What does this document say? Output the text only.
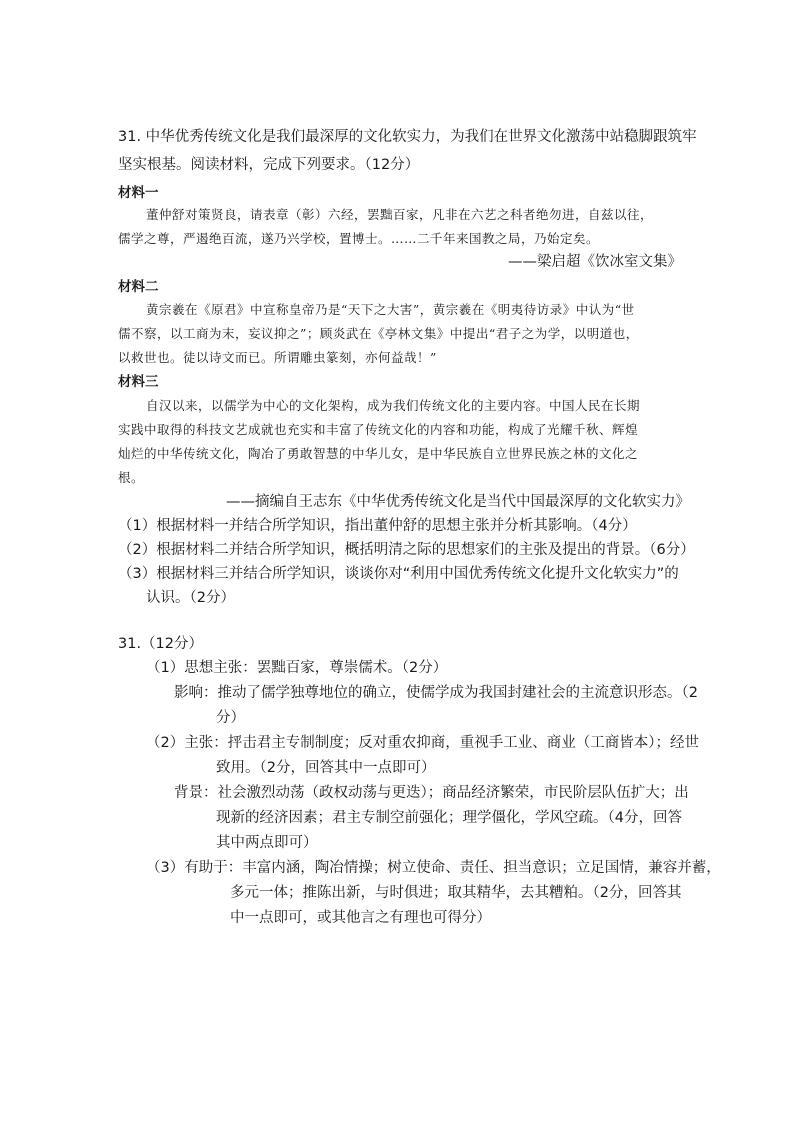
31. 中华优秀传统文化是我们最深厚的文化软实力，为我们在世界文化激荡中站稳脚跟筑牢
坚实根基。阅读材料，完成下列要求。（12分）
材料一
董仲舒对策贤良，请表章（彰）六经，罢黜百家，凡非在六艺之科者绝勿进，自兹以往，
儒学之尊，严遏绝百流，遂乃兴学校，置博士。……二千年来国教之局，乃始定矣。
——梁启超《饮冰室文集》
材料二
黄宗羲在《原君》中宣称皇帝乃是“天下之大害”，黄宗羲在《明夷待访录》中认为“世
儒不察，以工商为末，妄议抑之”；顾炎武在《亭林文集》中提出“君子之为学，以明道也，
以救世也。徒以诗文而已。所谓雕虫篆刻，亦何益哉！”
材料三
自汉以来，以儒学为中心的文化架构，成为我们传统文化的主要内容。中国人民在长期
实践中取得的科技文艺成就也充实和丰富了传统文化的内容和功能，构成了光耀千秋、辉煌
灿烂的中华传统文化，陶冶了勇敢智慧的中华儿女，是中华民族自立世界民族之林的文化之
根。
——摘编自王志东《中华优秀传统文化是当代中国最深厚的文化软实力》
（1）根据材料一并结合所学知识，指出董仲舒的思想主张并分析其影响。（4分）
（2）根据材料二并结合所学知识，概括明清之际的思想家们的主张及提出的背景。（6分）
（3）根据材料三并结合所学知识，谈谈你对“利用中国优秀传统文化提升文化软实力”的
认识。（2分）
31.（12分）
（1）思想主张：罢黜百家，尊崇儒术。（2分）
影响：推动了儒学独尊地位的确立，使儒学成为我国封建社会的主流意识形态。（2
分）
（2）主张：抨击君主专制制度；反对重农抑商，重视手工业、商业（工商皆本）；经世
致用。（2分，回答其中一点即可）
背景：社会激烈动荡（政权动荡与更迭）；商品经济繁荣，市民阶层队伍扩大；出
现新的经济因素；君主专制空前强化；理学僵化，学风空疏。（4分，回答
其中两点即可）
（3）有助于：丰富内涵，陶冶情操；树立使命、责任、担当意识；立足国情，兼容并蓄，
多元一体；推陈出新，与时俱进；取其精华，去其糟粕。（2分，回答其
中一点即可，或其他言之有理也可得分）
